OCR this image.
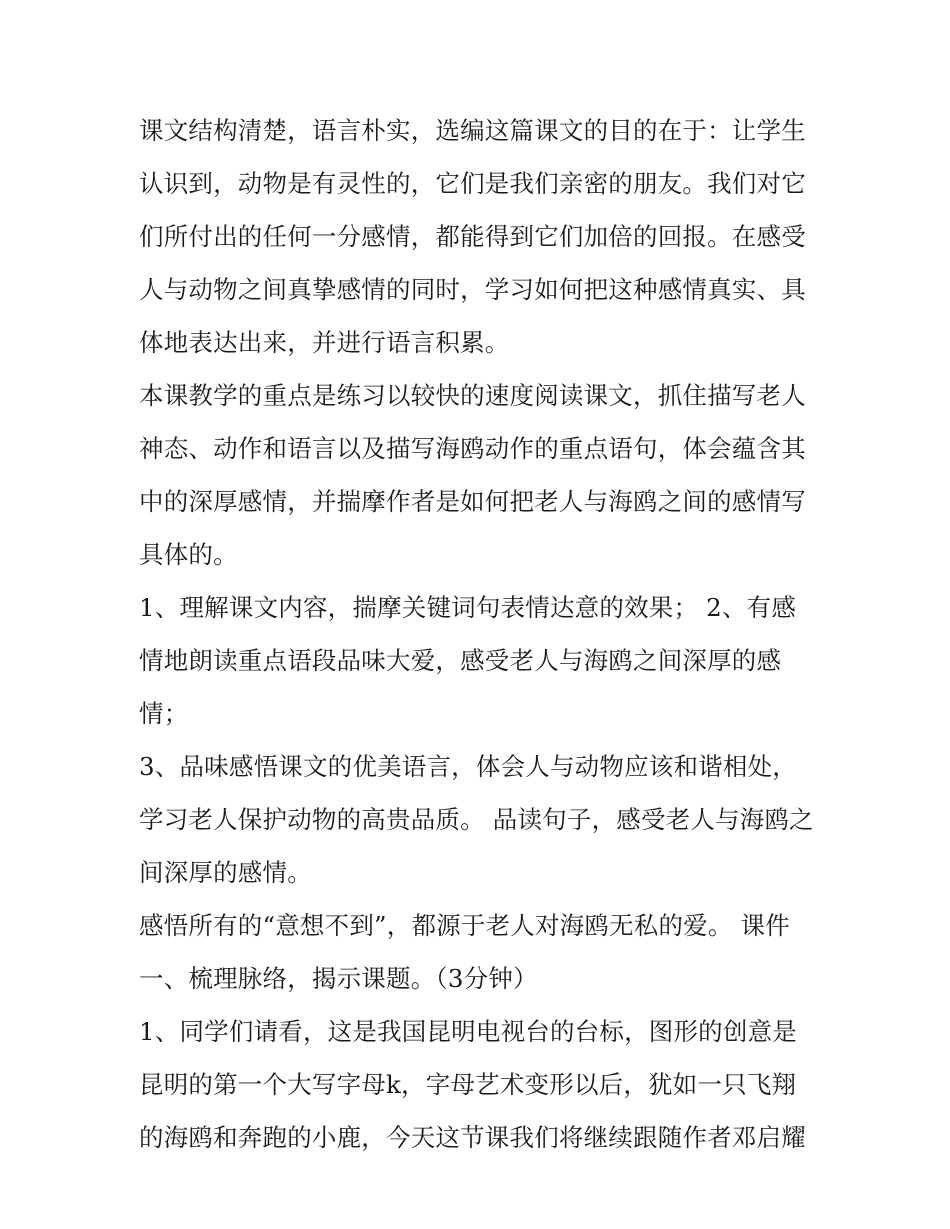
课文结构清楚，语言朴实，选编这篇课文的目的在于：让学生认识到，动物是有灵性的，它们是我们亲密的朋友。我们对它们所付出的任何一分感情，都能得到它们加倍的回报。在感受人与动物之间真挚感情的同时，学习如何把这种感情真实、具体地表达出来，并进行语言积累。

本课教学的重点是练习以较快的速度阅读课文，抓住描写老人神态、动作和语言以及描写海鸥动作的重点语句，体会蕴含其中的深厚感情，并揣摩作者是如何把老人与海鸥之间的感情写具体的。

1、理解课文内容，揣摩关键词句表情达意的效果； 2、有感情地朗读重点语段品味大爱，感受老人与海鸥之间深厚的感情；

3、品味感悟课文的优美语言，体会人与动物应该和谐相处，学习老人保护动物的高贵品质。 品读句子，感受老人与海鸥之间深厚的感情。

感悟所有的“意想不到”，都源于老人对海鸥无私的爱。 课件

一、梳理脉络，揭示课题。（3分钟）

1、同学们请看，这是我国昆明电视台的台标，图形的创意是昆明的第一个大写字母k，字母艺术变形以后，犹如一只飞翔的海鸥和奔跑的小鹿，今天这节课我们将继续跟随作者邓启耀
